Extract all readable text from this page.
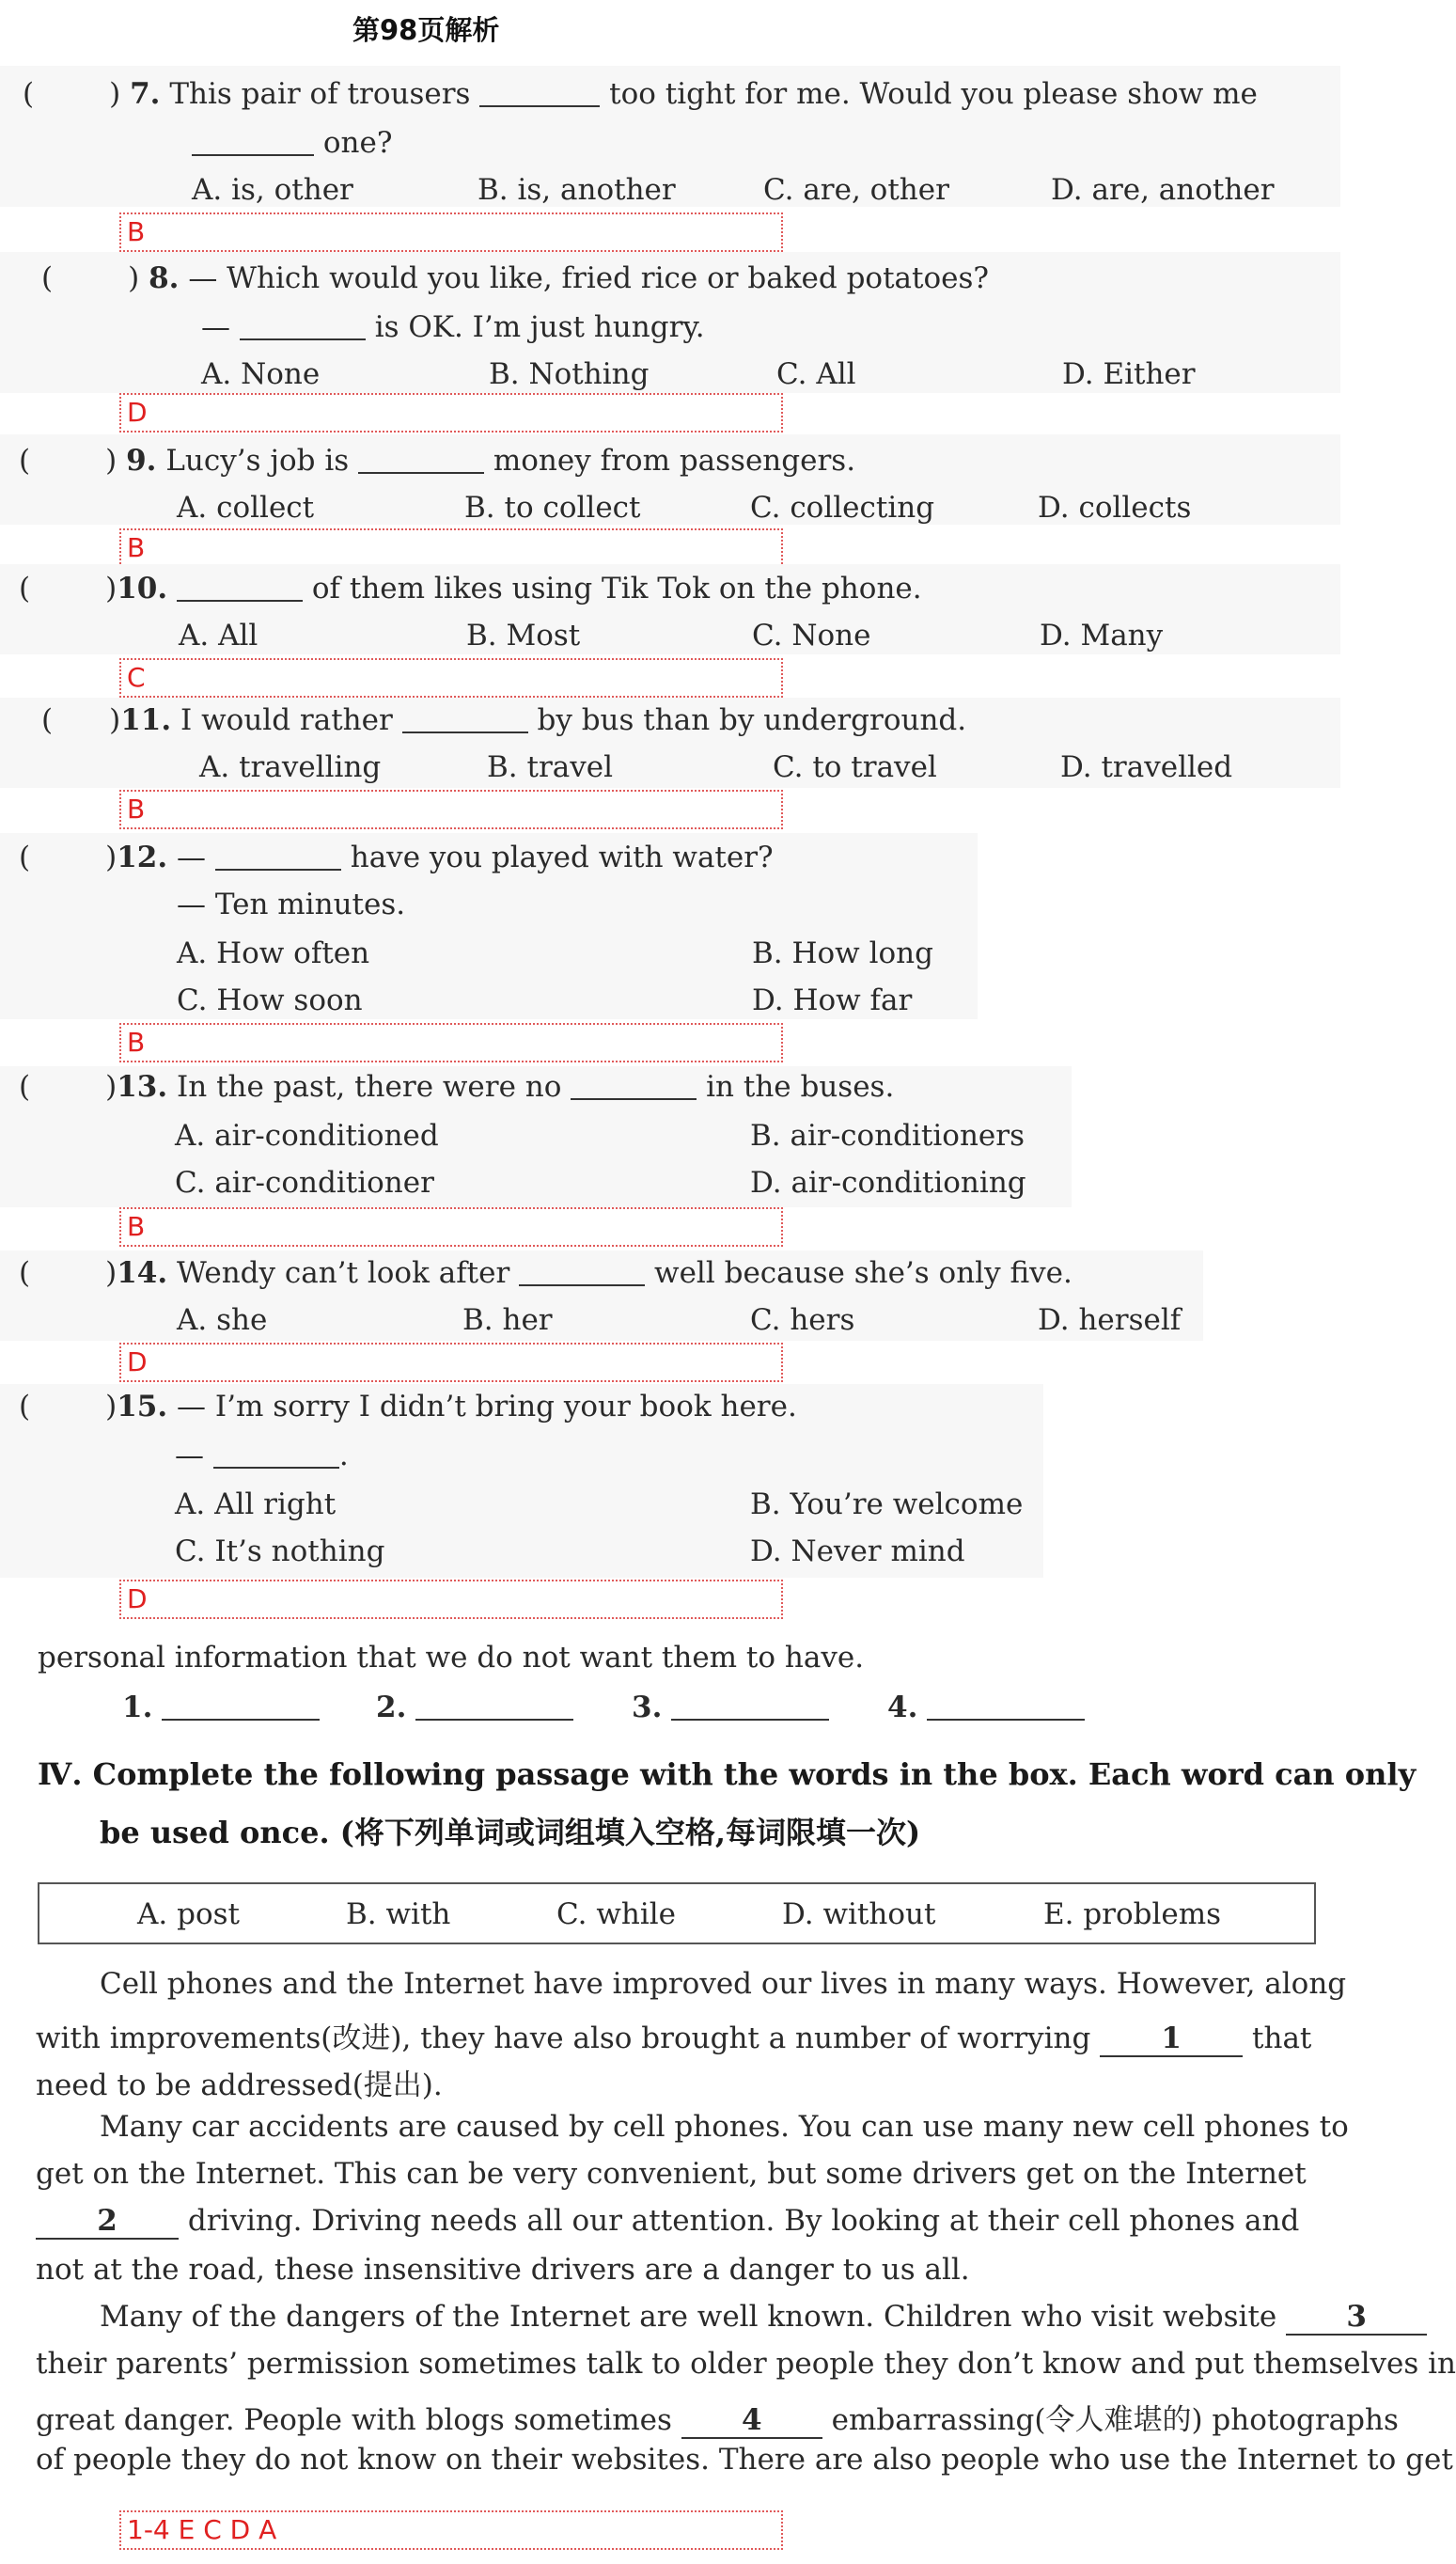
第98页解析
(	) 7. This pair of trousers	too tight for me. Would you please show me
one?
A. is, other	B. is, another	C. are, other	D. are, another
B
(	) 8. — Which would you like, fried rice or baked potatoes?
—	is OK. I’m just hungry.
A. None	B. Nothing	C. All	D. Either
D
(	) 9. Lucy’s job is	money from passengers.
A. collect	B. to collect	C. collecting	D. collects
B
(	)10.	of them likes using Tik Tok on the phone.
A. All	B. Most	C. None	D. Many
C
( )11. I would rather	by bus than by underground.
A. travelling	B. travel	C. to travel	D. travelled
B
(	)12. —	have you played with water?
— Ten minutes.
A. How often	B. How long
C. How soon	D. How far
B
(	)13. In the past, there were no	in the buses.
A. air-conditioned	B. air-conditioners
C. air-conditioner	D. air-conditioning
B
(	)14. Wendy can’t look after	well because she’s only five.
A. she	B. her	C. hers	D. herself
D
(	)15. — I’m sorry I didn’t bring your book here.
—	.
A. All right	B. You’re welcome
C. It’s nothing	D. Never mind
D
personal information that we do not want them to have.
1.	2.	3.	4.
Ⅳ. Complete the following passage with the words in the box. Each word can only
be used once. (将下列单词或词组填入空格,每词限填一次)
A. post	B. with	C. while	D. without	E. problems
Cell phones and the Internet have improved our lives in many ways. However, along
with improvements(改进), they have also brought a number of worrying 1 that
need to be addressed(提出).
Many car accidents are caused by cell phones. You can use many new cell phones to
get on the Internet. This can be very convenient, but some drivers get on the Internet
2 driving. Driving needs all our attention. By looking at their cell phones and
not at the road, these insensitive drivers are a danger to us all.
Many of the dangers of the Internet are well known. Children who visit website 3
their parents’ permission sometimes talk to older people they don’t know and put themselves in
great danger. People with blogs sometimes 4 embarrassing(令人难堪的) photographs
of people they do not know on their websites. There are also people who use the Internet to get
1-4 E C D A
